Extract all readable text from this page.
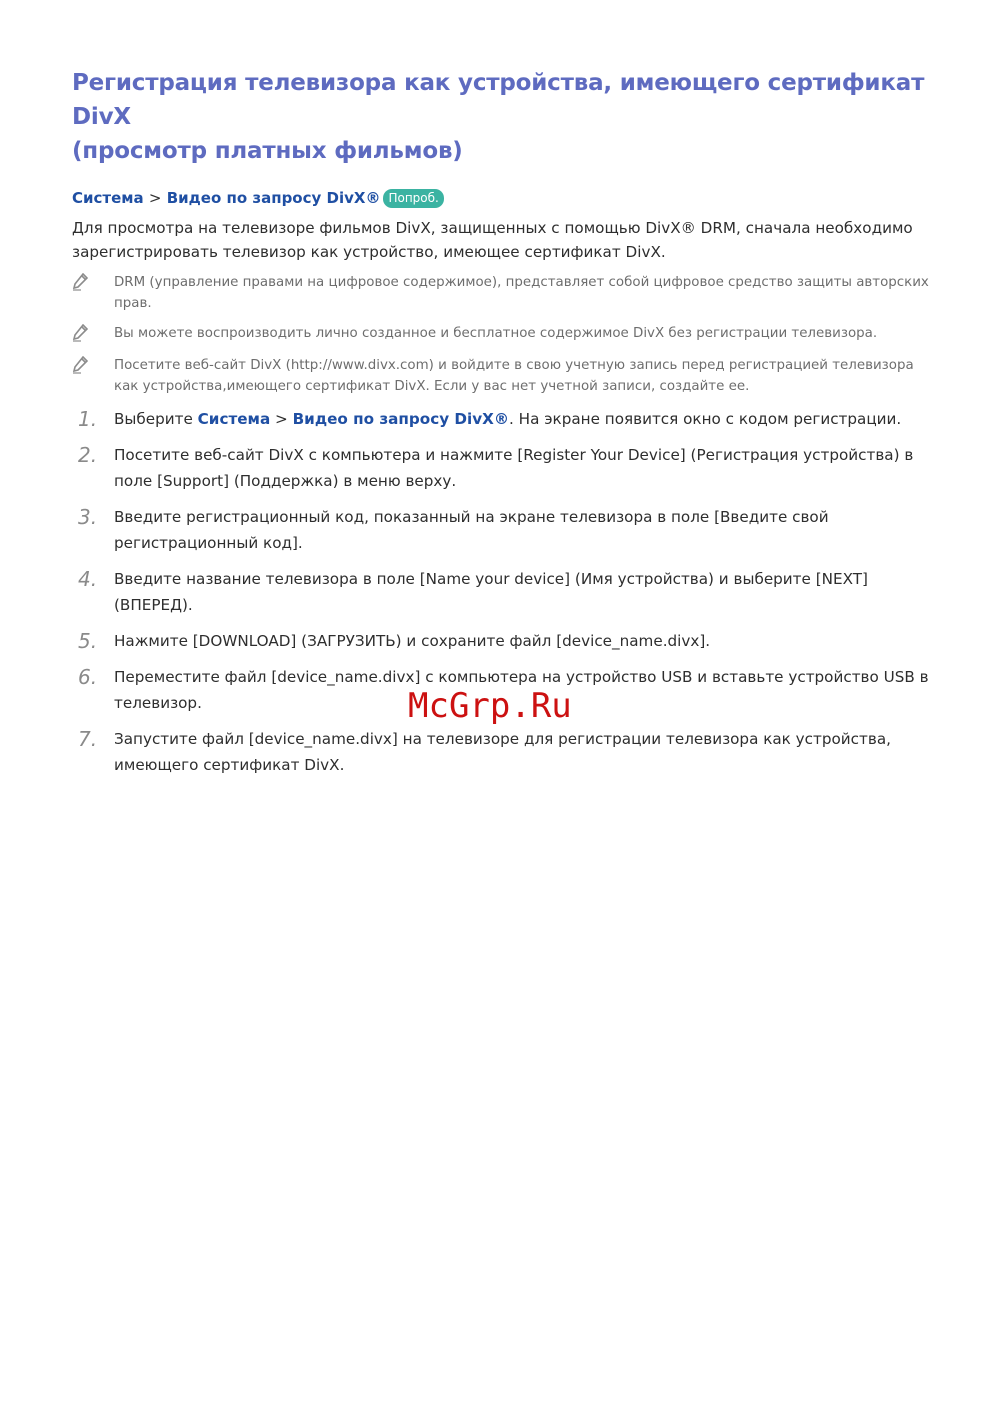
Регистрация телевизора как устройства, имеющего сертификат DivX
(просмотр платных фильмов)
Система > Видео по запросу DivX® Попроб.

Для просмотра на телевизоре фильмов DivX, защищенных с помощью DivX® DRM, сначала необходимо зарегистрировать телевизор как устройство, имеющее сертификат DivX.

DRM (управление правами на цифровое содержимое), представляет собой цифровое средство защиты авторских прав.
Вы можете воспроизводить лично созданное и бесплатное содержимое DivX без регистрации телевизора.
Посетите веб-сайт DivX (http://www.divx.com) и войдите в свою учетную запись перед регистрацией телевизора как устройства,имеющего сертификат DivX. Если у вас нет учетной записи, создайте ее.
1.	Выберите Система > Видео по запросу DivX®. На экране появится окно с кодом регистрации.
2.	Посетите веб-сайт DivX с компьютера и нажмите [Register Your Device] (Регистрация устройства) в поле [Support] (Поддержка) в меню верху.
3.	Введите регистрационный код, показанный на экране телевизора в поле [Введите свой регистрационный код].
4.	Введите название телевизора в поле [Name your device] (Имя устройства) и выберите [NEXT] (ВПЕРЕД).
5.	Нажмите [DOWNLOAD] (ЗАГРУЗИТЬ) и сохраните файл [device_name.divx].
6.	Переместите файл [device_name.divx] с компьютера на устройство USB и вставьте устройство USB в телевизор.
7.	Запустите файл [device_name.divx] на телевизоре для регистрации телевизора как устройства, имеющего сертификат DivX.
McGrp.Ru
